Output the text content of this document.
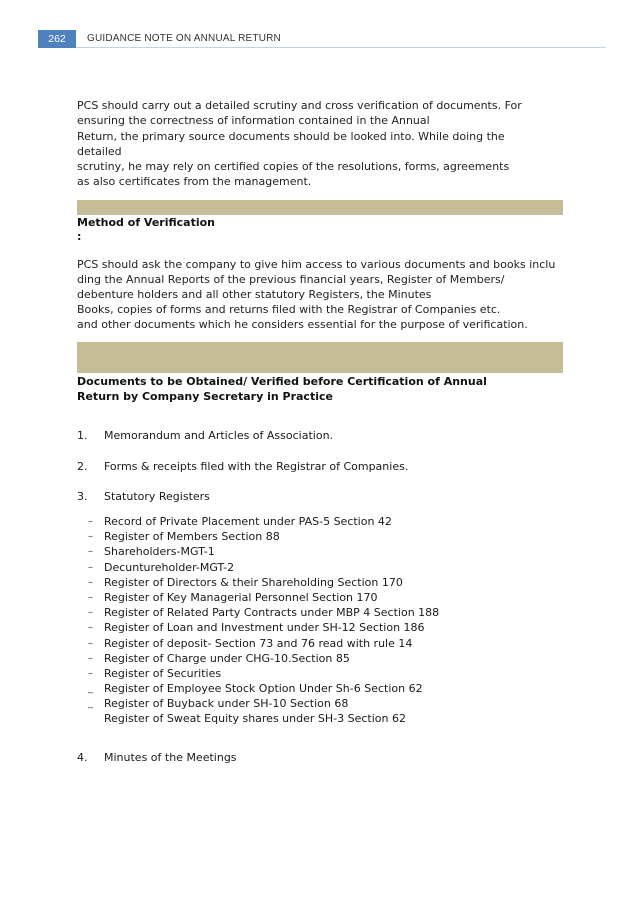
262	GUIDANCE NOTE ON ANNUAL RETURN
PCS should carry out a detailed scrutiny and cross verification of documents. For
ensuring the correctness of information contained in the Annual
Return, the primary source documents should be looked into. While doing the
detailed
scrutiny, he may rely on certified copies of the resolutions, forms, agreements
as also certificates from the management.
Method of Verification
:
PCS should ask the company to give him access to various documents and books inclu
ding the Annual Reports of the previous financial years, Register of Members/
debenture holders and all other statutory Registers, the Minutes
Books, copies of forms and returns filed with the Registrar of Companies etc.
and other documents which he considers essential for the purpose of verification.
Documents to be Obtained/ Verified before Certification of Annual
Return by Company Secretary in Practice
1. Memorandum and Articles of Association.
2. Forms & receipts filed with the Registrar of Companies.
3. Statutory Registers
–	Record of Private Placement under PAS-5 Section 42
–	Register of Members Section 88
–	Shareholders-MGT-1
–	Decuntureholder-MGT-2
–	Register of Directors & their Shareholding Section 170
–	Register of Key Managerial Personnel Section 170
–	Register of Related Party Contracts under MBP 4 Section 188
–	Register of Loan and Investment under SH-12 Section 186
–	Register of deposit- Section 73 and 76 read with rule 14
–	Register of Charge under CHG-10.Section 85
–	Register of Securities
_	Register of Employee Stock Option Under Sh-6 Section 62
_	Register of Buyback under SH-10 Section 68
Register of Sweat Equity shares under SH-3 Section 62
4. Minutes of the Meetings
